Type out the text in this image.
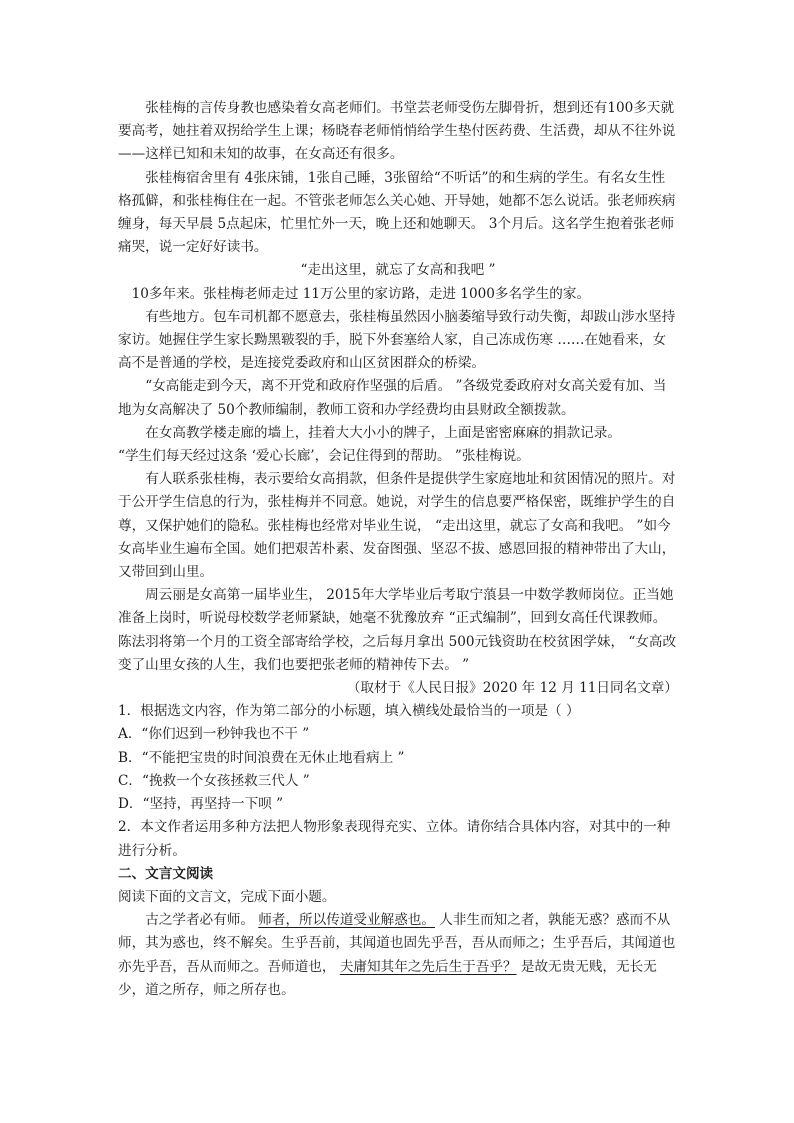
张桂梅的言传身教也感染着女高老师们。书堂芸老师受伤左脚骨折，想到还有100多天就要高考，她拄着双拐给学生上课；杨晓春老师悄悄给学生垫付医药费、生活费，却从不往外说——这样已知和未知的故事，在女高还有很多。

张桂梅宿舍里有 4张床铺，1张自己睡，3张留给“不听话”的和生病的学生。有名女生性格孤僻，和张桂梅住在一起。不管张老师怎么关心她、开导她，她都不怎么说话。张老师疾病缠身，每天早晨 5点起床，忙里忙外一天，晚上还和她聊天。 3个月后。这名学生抱着张老师痛哭，说一定好好读书。

“走出这里，就忘了女高和我吧 ”

10多年来。张桂梅老师走过 11万公里的家访路，走进 1000多名学生的家。

有些地方。包车司机都不愿意去，张桂梅虽然因小脑萎缩导致行动失衡，却跋山涉水坚持家访。她握住学生家长黝黑皲裂的手，脱下外套塞给人家，自己冻成伤寒 ……在她看来，女高不是普通的学校，是连接党委政府和山区贫困群众的桥梁。

“女高能走到今天，离不开党和政府作坚强的后盾。 ”各级党委政府对女高关爱有加、当地为女高解决了 50个教师编制，教师工资和办学经费均由县财政全额拨款。

在女高教学楼走廊的墙上，挂着大大小小的牌子，上面是密密麻麻的捐款记录。

“学生们每天经过这条 ‘爱心长廊’，会记住得到的帮助。 ”张桂梅说。

有人联系张桂梅，表示要给女高捐款，但条件是提供学生家庭地址和贫困情况的照片。对于公开学生信息的行为，张桂梅并不同意。她说，对学生的信息要严格保密，既维护学生的自尊，又保护她们的隐私。张桂梅也经常对毕业生说， “走出这里，就忘了女高和我吧。 ”如今女高毕业生遍布全国。她们把艰苦朴素、发奋图强、坚忍不拔、感恩回报的精神带出了大山，又带回到山里。

周云丽是女高第一届毕业生， 2015年大学毕业后考取宁蒗县一中数学教师岗位。正当她准备上岗时，听说母校数学老师紧缺，她毫不犹豫放弃 “正式编制”，回到女高任代课教师。陈法羽将第一个月的工资全部寄给学校，之后每月拿出 500元钱资助在校贫困学妹， “女高改变了山里女孩的人生，我们也要把张老师的精神传下去。 ”

（取材于《人民日报》2020 年 12 月 11日同名文章）

1．根据选文内容，作为第二部分的小标题，填入横线处最恰当的一项是（ ）

A．“你们迟到一秒钟我也不干 ”

B．“不能把宝贵的时间浪费在无休止地看病上 ”

C．“挽救一个女孩拯救三代人 ”

D．“坚持，再坚持一下呗 ”

2．本文作者运用多种方法把人物形象表现得充实、立体。请你结合具体内容，对其中的一种进行分析。

二、文言文阅读

阅读下面的文言文，完成下面小题。

古之学者必有师。 师者，所以传道受业解惑也。 人非生而知之者，孰能无惑？惑而不从师，其为惑也，终不解矣。生乎吾前，其闻道也固先乎吾，吾从而师之；生乎吾后，其闻道也亦先乎吾，吾从而师之。吾师道也， 夫庸知其年之先后生于吾乎？ 是故无贵无贱，无长无少，道之所存，师之所存也。
